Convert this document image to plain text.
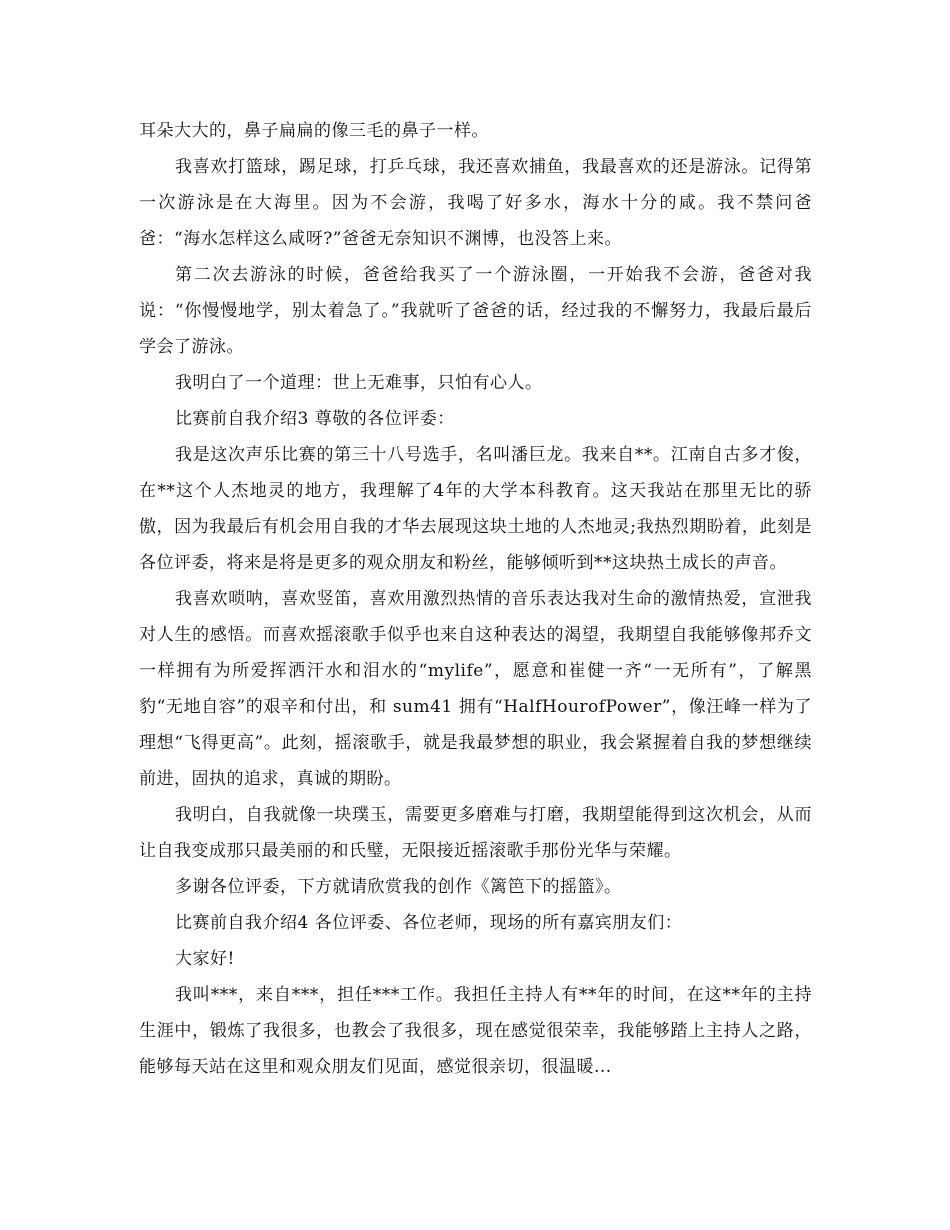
耳朵大大的，鼻子扁扁的像三毛的鼻子一样。

我喜欢打篮球，踢足球，打乒乓球，我还喜欢捕鱼，我最喜欢的还是游泳。记得第一次游泳是在大海里。因为不会游，我喝了好多水，海水十分的咸。我不禁问爸爸：“海水怎样这么咸呀?”爸爸无奈知识不渊博，也没答上来。

第二次去游泳的时候，爸爸给我买了一个游泳圈，一开始我不会游，爸爸对我说：“你慢慢地学，别太着急了。”我就听了爸爸的话，经过我的不懈努力，我最后最后学会了游泳。

我明白了一个道理：世上无难事，只怕有心人。

比赛前自我介绍3 尊敬的各位评委：

我是这次声乐比赛的第三十八号选手，名叫潘巨龙。我来自**。江南自古多才俊，在**这个人杰地灵的地方，我理解了4年的大学本科教育。这天我站在那里无比的骄傲，因为我最后有机会用自我的才华去展现这块土地的人杰地灵;我热烈期盼着，此刻是各位评委，将来是将是更多的观众朋友和粉丝，能够倾听到**这块热土成长的声音。

我喜欢唢呐，喜欢竖笛，喜欢用激烈热情的音乐表达我对生命的激情热爱，宣泄我对人生的感悟。而喜欢摇滚歌手似乎也来自这种表达的渴望，我期望自我能够像邦乔文一样拥有为所爱挥洒汗水和泪水的“mylife”，愿意和崔健一齐“一无所有”，了解黑豹“无地自容”的艰辛和付出，和 sum41 拥有“HalfHourofPower”，像汪峰一样为了理想“飞得更高”。此刻，摇滚歌手，就是我最梦想的职业，我会紧握着自我的梦想继续前进，固执的追求，真诚的期盼。

我明白，自我就像一块璞玉，需要更多磨难与打磨，我期望能得到这次机会，从而让自我变成那只最美丽的和氏璧，无限接近摇滚歌手那份光华与荣耀。

多谢各位评委，下方就请欣赏我的创作《篱笆下的摇篮》。

比赛前自我介绍4 各位评委、各位老师，现场的所有嘉宾朋友们：

大家好!

我叫***，来自***，担任***工作。我担任主持人有**年的时间，在这**年的主持生涯中，锻炼了我很多，也教会了我很多，现在感觉很荣幸，我能够踏上主持人之路，能够每天站在这里和观众朋友们见面，感觉很亲切，很温暖...
